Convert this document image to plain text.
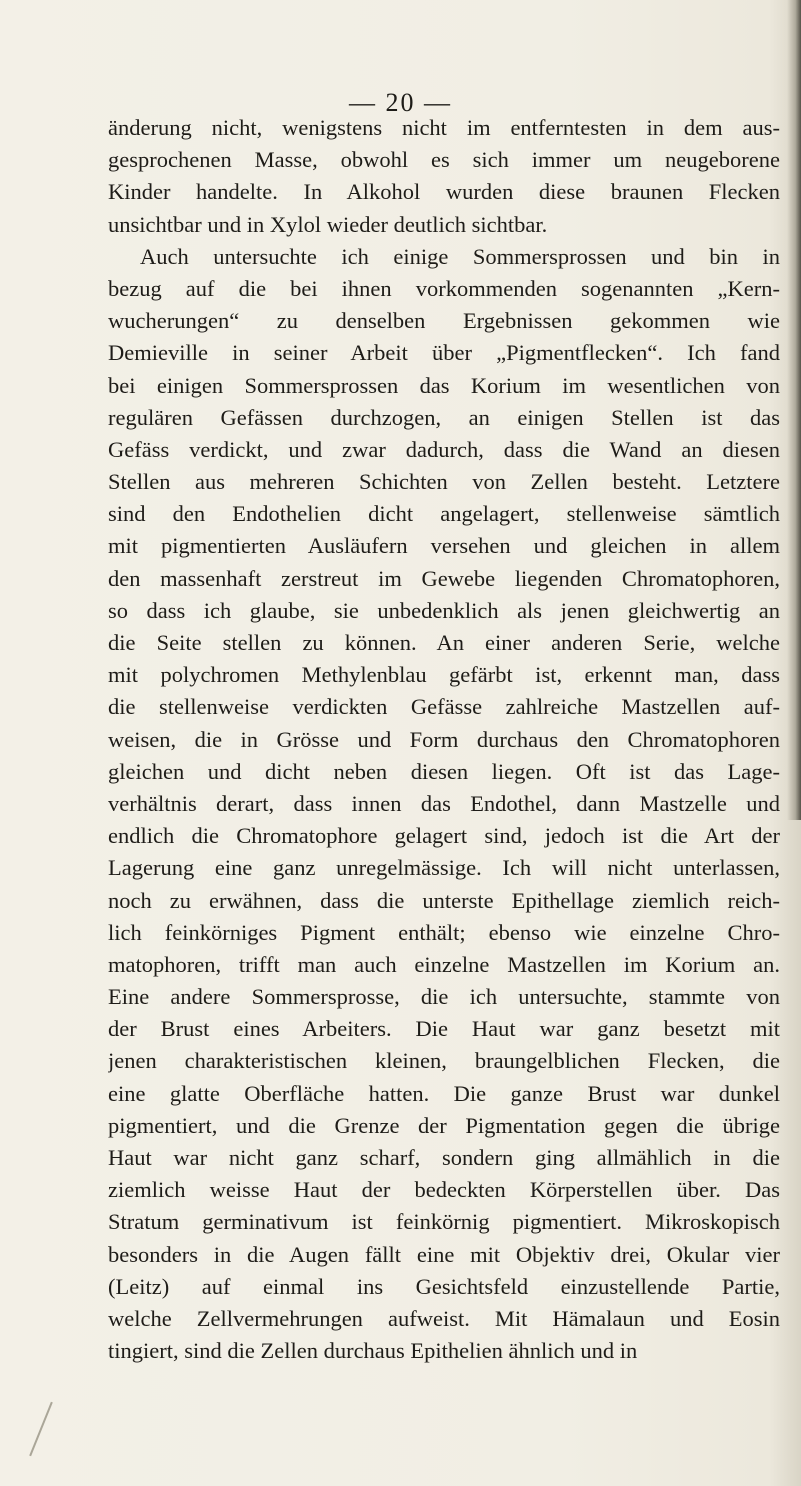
— 20 —
änderung nicht, wenigstens nicht im entferntesten in dem aus-
gesprochenen Masse, obwohl es sich immer um neugeborene
Kinder handelte. In Alkohol wurden diese braunen Flecken
unsichtbar und in Xylol wieder deutlich sichtbar.
Auch untersuchte ich einige Sommersprossen und bin in
bezug auf die bei ihnen vorkommenden sogenannten „Kern-
wucherungen“ zu denselben Ergebnissen gekommen wie
Demieville in seiner Arbeit über „Pigmentflecken“. Ich fand
bei einigen Sommersprossen das Korium im wesentlichen von
regulären Gefässen durchzogen, an einigen Stellen ist das
Gefäss verdickt, und zwar dadurch, dass die Wand an diesen
Stellen aus mehreren Schichten von Zellen besteht. Letztere
sind den Endothelien dicht angelagert, stellenweise sämtlich
mit pigmentierten Ausläufern versehen und gleichen in allem
den massenhaft zerstreut im Gewebe liegenden Chromatophoren,
so dass ich glaube, sie unbedenklich als jenen gleichwertig an
die Seite stellen zu können. An einer anderen Serie, welche
mit polychromen Methylenblau gefärbt ist, erkennt man, dass
die stellenweise verdickten Gefässe zahlreiche Mastzellen auf-
weisen, die in Grösse und Form durchaus den Chromatophoren
gleichen und dicht neben diesen liegen. Oft ist das Lage-
verhältnis derart, dass innen das Endothel, dann Mastzelle und
endlich die Chromatophore gelagert sind, jedoch ist die Art der
Lagerung eine ganz unregelmässige. Ich will nicht unterlassen,
noch zu erwähnen, dass die unterste Epithellage ziemlich reich-
lich feinkörniges Pigment enthält; ebenso wie einzelne Chro-
matophoren, trifft man auch einzelne Mastzellen im Korium an.
Eine andere Sommersprosse, die ich untersuchte, stammte von
der Brust eines Arbeiters. Die Haut war ganz besetzt mit
jenen charakteristischen kleinen, braungelblichen Flecken, die
eine glatte Oberfläche hatten. Die ganze Brust war dunkel
pigmentiert, und die Grenze der Pigmentation gegen die übrige
Haut war nicht ganz scharf, sondern ging allmählich in die
ziemlich weisse Haut der bedeckten Körperstellen über. Das
Stratum germinativum ist feinkörnig pigmentiert. Mikroskopisch
besonders in die Augen fällt eine mit Objektiv drei, Okular vier
(Leitz) auf einmal ins Gesichtsfeld einzustellende Partie,
welche Zellvermehrungen aufweist. Mit Hämalaun und Eosin
tingiert, sind die Zellen durchaus Epithelien ähnlich und in
